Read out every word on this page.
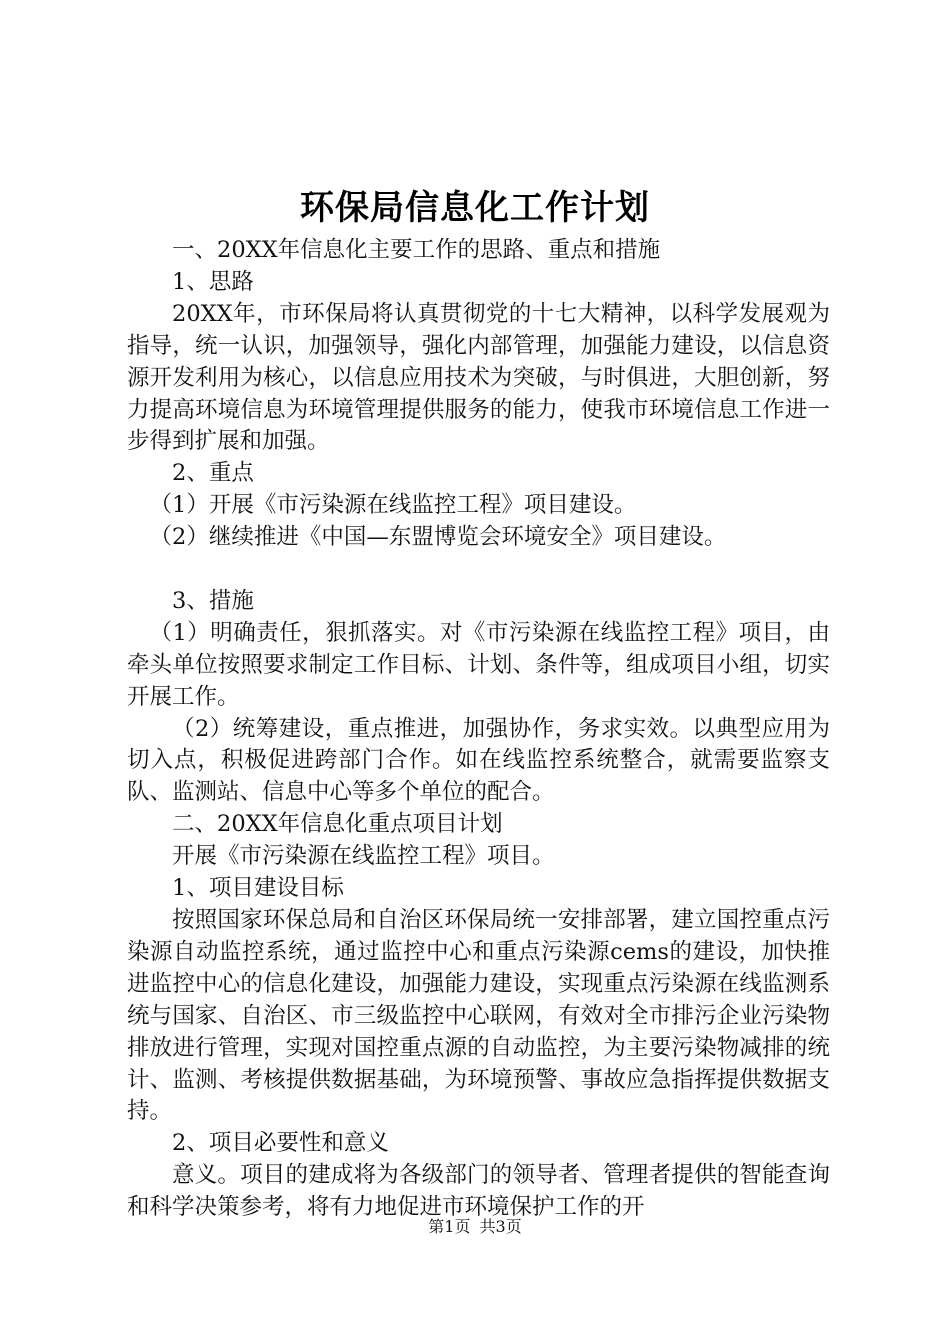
环保局信息化工作计划

一、20XX年信息化主要工作的思路、重点和措施

1、思路

20XX年，市环保局将认真贯彻党的十七大精神，以科学发展观为指导，统一认识，加强领导，强化内部管理，加强能力建设，以信息资源开发利用为核心，以信息应用技术为突破，与时俱进，大胆创新，努力提高环境信息为环境管理提供服务的能力，使我市环境信息工作进一步得到扩展和加强。

2、重点

（1）开展《市污染源在线监控工程》项目建设。

（2）继续推进《中国—东盟博览会环境安全》项目建设。

3、措施

（1）明确责任，狠抓落实。对《市污染源在线监控工程》项目，由牵头单位按照要求制定工作目标、计划、条件等，组成项目小组，切实开展工作。

（2）统筹建设，重点推进，加强协作，务求实效。以典型应用为切入点，积极促进跨部门合作。如在线监控系统整合，就需要监察支队、监测站、信息中心等多个单位的配合。

二、20XX年信息化重点项目计划

开展《市污染源在线监控工程》项目。

1、项目建设目标

按照国家环保总局和自治区环保局统一安排部署，建立国控重点污染源自动监控系统，通过监控中心和重点污染源cems的建设，加快推进监控中心的信息化建设，加强能力建设，实现重点污染源在线监测系统与国家、自治区、市三级监控中心联网，有效对全市排污企业污染物排放进行管理，实现对国控重点源的自动监控，为主要污染物减排的统计、监测、考核提供数据基础，为环境预警、事故应急指挥提供数据支持。

2、项目必要性和意义

意义。项目的建成将为各级部门的领导者、管理者提供的智能查询和科学决策参考，将有力地促进市环境保护工作的开

第1页 共3页
